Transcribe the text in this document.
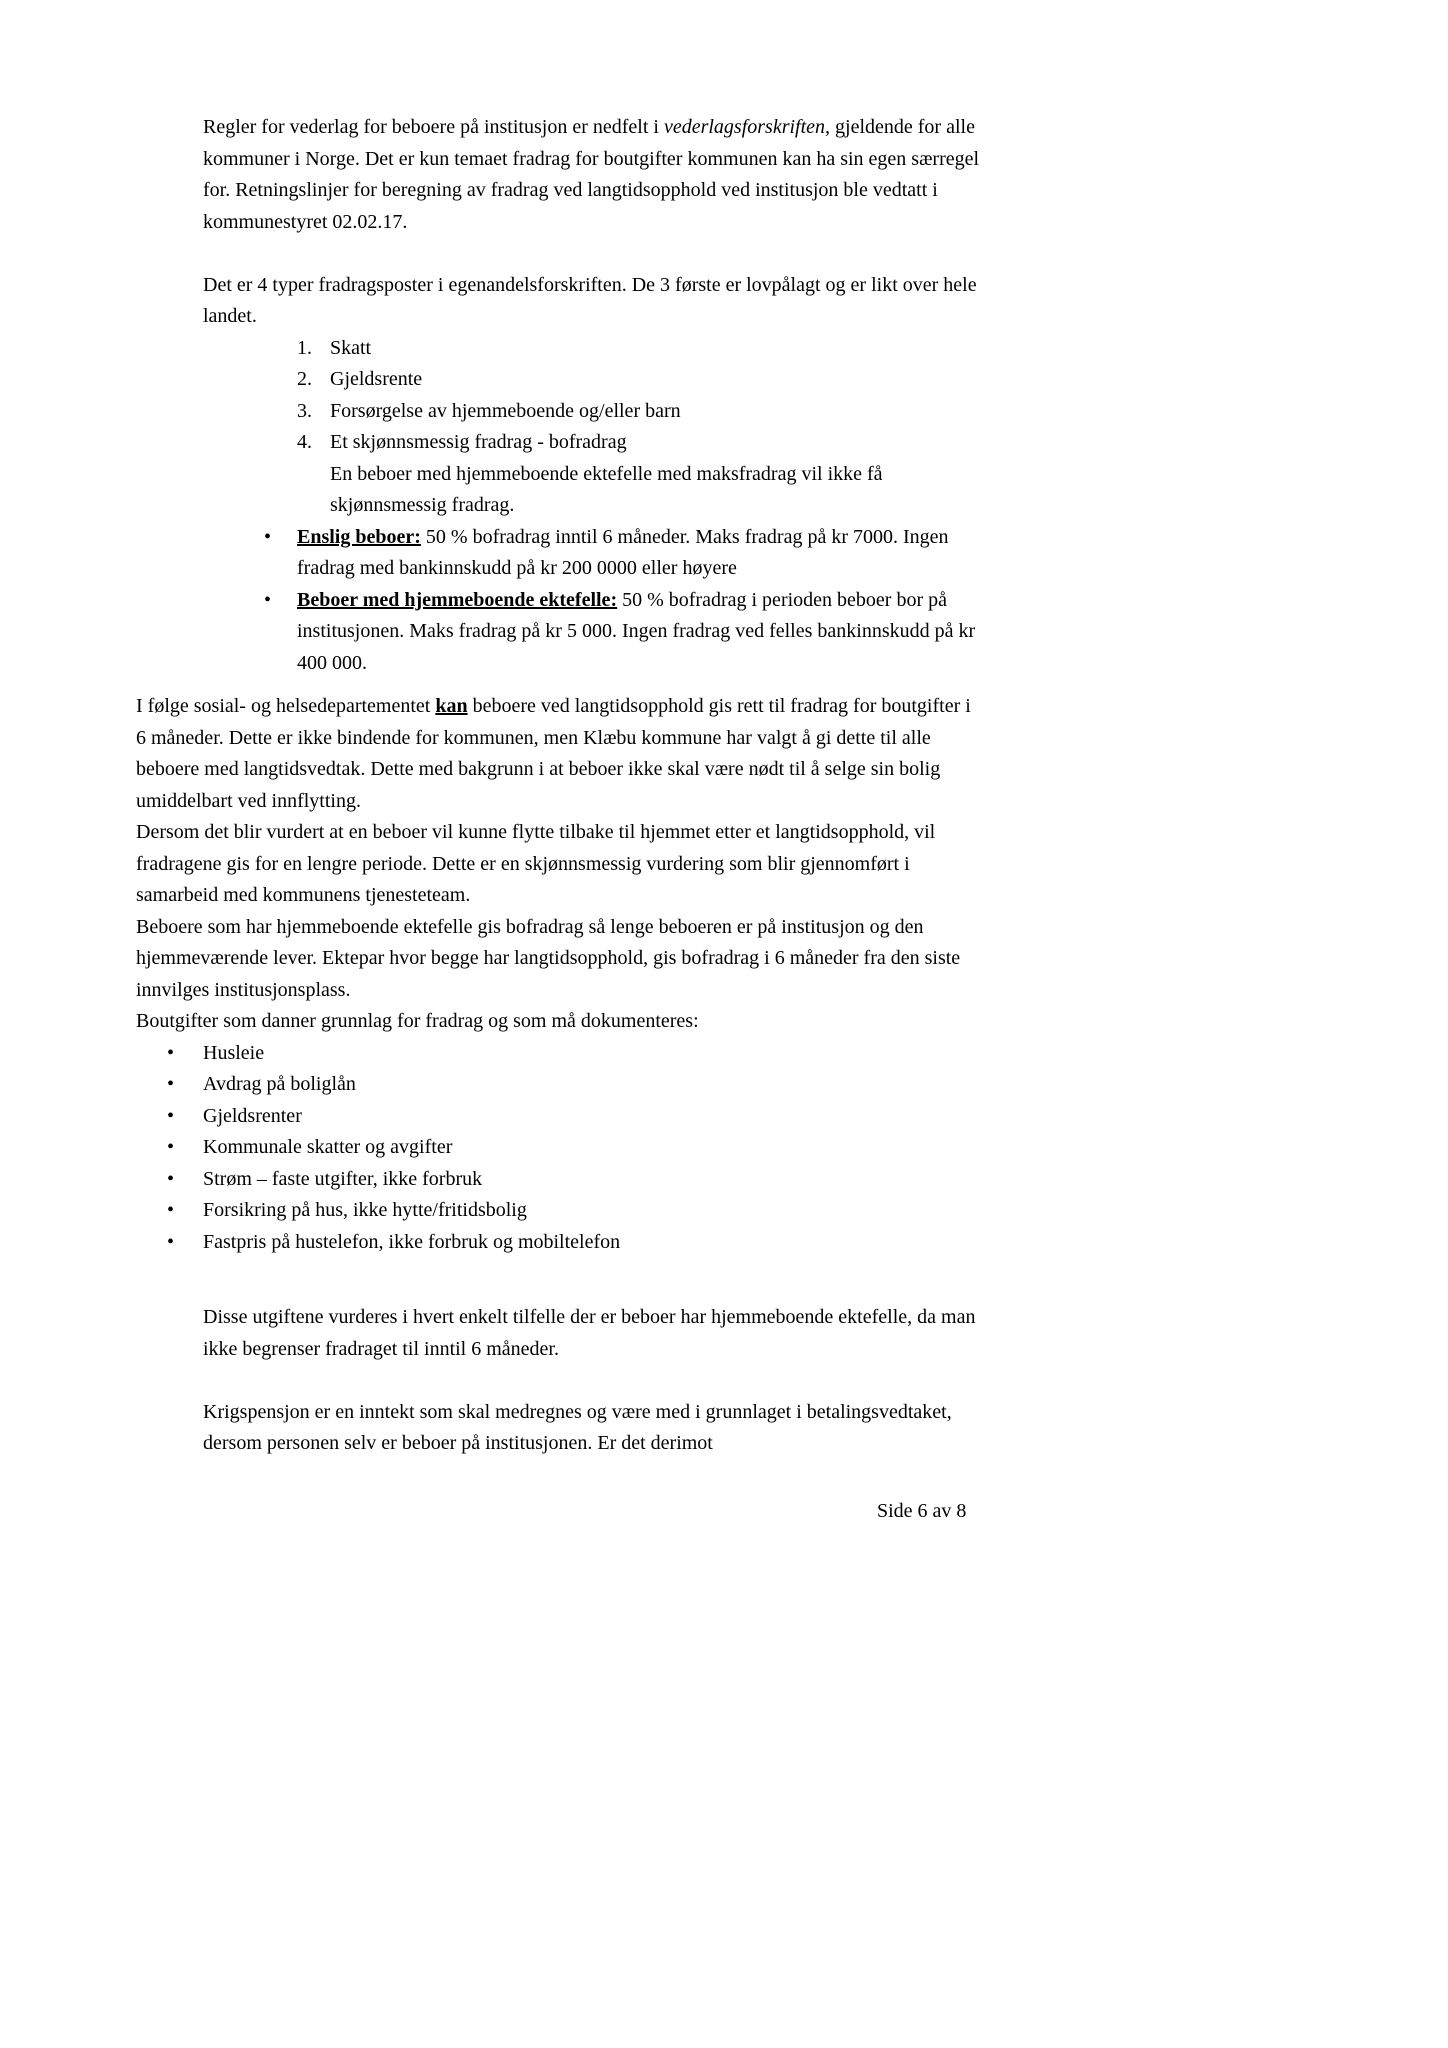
Regler for vederlag for beboere på institusjon er nedfelt i vederlagsforskriften, gjeldende for alle kommuner i Norge. Det er kun temaet fradrag for boutgifter kommunen kan ha sin egen særregel for. Retningslinjer for beregning av fradrag ved langtidsopphold ved institusjon ble vedtatt i kommunestyret 02.02.17.

Det er 4 typer fradragsposter i egenandelsforskriften. De 3 første er lovpålagt og er likt over hele landet.

1. Skatt
2. Gjeldsrente
3. Forsørgelse av hjemmeboende og/eller barn
4. Et skjønnsmessig fradrag - bofradrag

En beboer med hjemmeboende ektefelle med maksfradrag vil ikke få skjønnsmessig fradrag.

•	Enslig beboer: 50 % bofradrag inntil 6 måneder. Maks fradrag på kr 7000. Ingen fradrag med bankinnskudd på kr 200 0000 eller høyere
•	Beboer med hjemmeboende ektefelle: 50 % bofradrag i perioden beboer bor på institusjonen. Maks fradrag på kr 5 000. Ingen fradrag ved felles bankinnskudd på kr 400 000.

I følge sosial- og helsedepartementet kan beboere ved langtidsopphold gis rett til fradrag for boutgifter i 6 måneder. Dette er ikke bindende for kommunen, men Klæbu kommune har valgt å gi dette til alle beboere med langtidsvedtak. Dette med bakgrunn i at beboer ikke skal være nødt til å selge sin bolig umiddelbart ved innflytting.

Dersom det blir vurdert at en beboer vil kunne flytte tilbake til hjemmet etter et langtidsopphold, vil fradragene gis for en lengre periode. Dette er en skjønnsmessig vurdering som blir gjennomført i samarbeid med kommunens tjenesteteam.

Beboere som har hjemmeboende ektefelle gis bofradrag så lenge beboeren er på institusjon og den hjemmeværende lever. Ektepar hvor begge har langtidsopphold, gis bofradrag i 6 måneder fra den siste innvilges institusjonsplass.

Boutgifter som danner grunnlag for fradrag og som må dokumenteres:

•	Husleie
•	Avdrag på boliglån
•	Gjeldsrenter
•	Kommunale skatter og avgifter
•	Strøm – faste utgifter, ikke forbruk
•	Forsikring på hus, ikke hytte/fritidsbolig
•	Fastpris på hustelefon, ikke forbruk og mobiltelefon

Disse utgiftene vurderes i hvert enkelt tilfelle der er beboer har hjemmeboende ektefelle, da man ikke begrenser fradraget til inntil 6 måneder.

Krigspensjon er en inntekt som skal medregnes og være med i grunnlaget i betalingsvedtaket, dersom personen selv er beboer på institusjonen. Er det derimot

Side 6 av 8
